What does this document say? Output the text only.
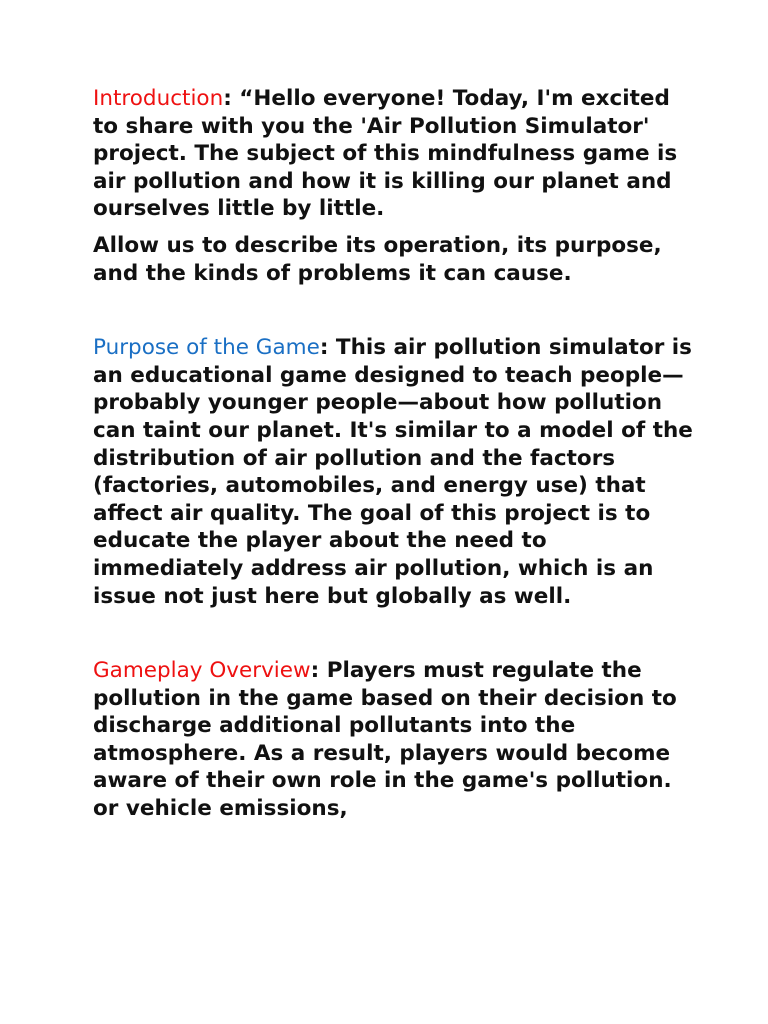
Introduction: “Hello everyone! Today, I'm excited to share with you the 'Air Pollution Simulator' project. The subject of this mindfulness game is air pollution and how it is killing our planet and ourselves little by little.

Allow us to describe its operation, its purpose, and the kinds of problems it can cause.

Purpose of the Game: This air pollution simulator is an educational game designed to teach people—probably younger people—about how pollution can taint our planet. It's similar to a model of the distribution of air pollution and the factors (factories, automobiles, and energy use) that affect air quality. The goal of this project is to educate the player about the need to immediately address air pollution, which is an issue not just here but globally as well.

Gameplay Overview: Players must regulate the pollution in the game based on their decision to discharge additional pollutants into the atmosphere. As a result, players would become aware of their own role in the game's pollution. or vehicle emissions,
